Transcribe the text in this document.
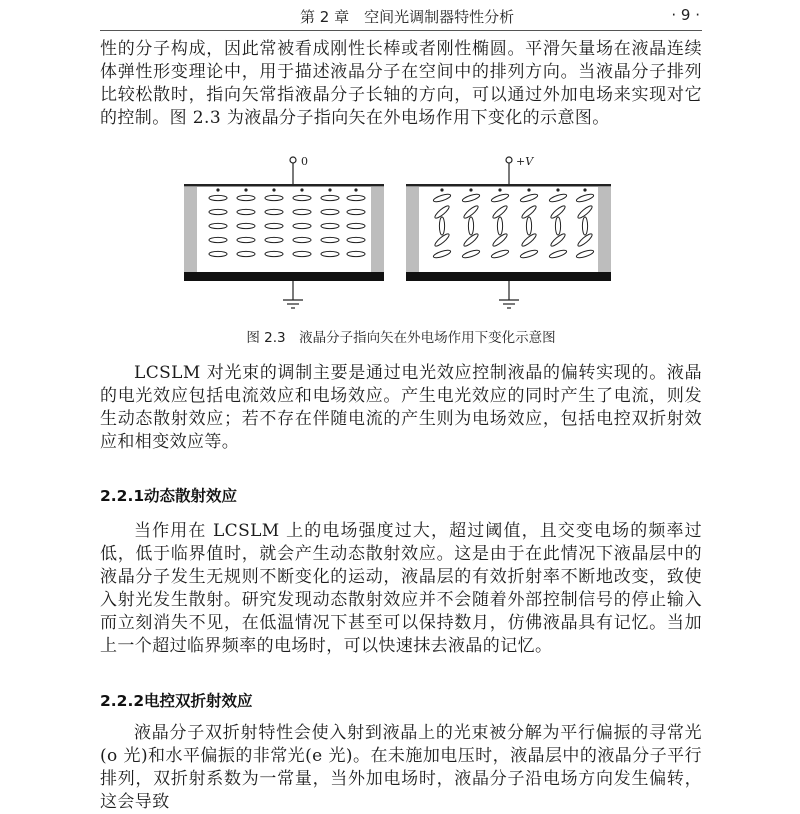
第 2 章　空间光调制器特性分析	· 9 ·

性的分子构成，因此常被看成刚性长棒或者刚性椭圆。平滑矢量场在液晶连续体弹性形变理论中，用于描述液晶分子在空间中的排列方向。当液晶分子排列比较松散时，指向矢常指液晶分子长轴的方向，可以通过外加电场来实现对它的控制。图 2.3 为液晶分子指向矢在外电场作用下变化的示意图。

0	+V
图 2.3　液晶分子指向矢在外电场作用下变化示意图

LCSLM 对光束的调制主要是通过电光效应控制液晶的偏转实现的。液晶的电光效应包括电流效应和电场效应。产生电光效应的同时产生了电流，则发生动态散射效应；若不存在伴随电流的产生则为电场效应，包括电控双折射效应和相变效应等。

2.2.1动态散射效应

当作用在 LCSLM 上的电场强度过大，超过阈值，且交变电场的频率过低，低于临界值时，就会产生动态散射效应。这是由于在此情况下液晶层中的液晶分子发生无规则不断变化的运动，液晶层的有效折射率不断地改变，致使入射光发生散射。研究发现动态散射效应并不会随着外部控制信号的停止输入而立刻消失不见，在低温情况下甚至可以保持数月，仿佛液晶具有记忆。当加上一个超过临界频率的电场时，可以快速抹去液晶的记忆。

2.2.2电控双折射效应

液晶分子双折射特性会使入射到液晶上的光束被分解为平行偏振的寻常光(o 光)和水平偏振的非常光(e 光)。在未施加电压时，液晶层中的液晶分子平行排列，双折射系数为一常量，当外加电场时，液晶分子沿电场方向发生偏转，这会导致
